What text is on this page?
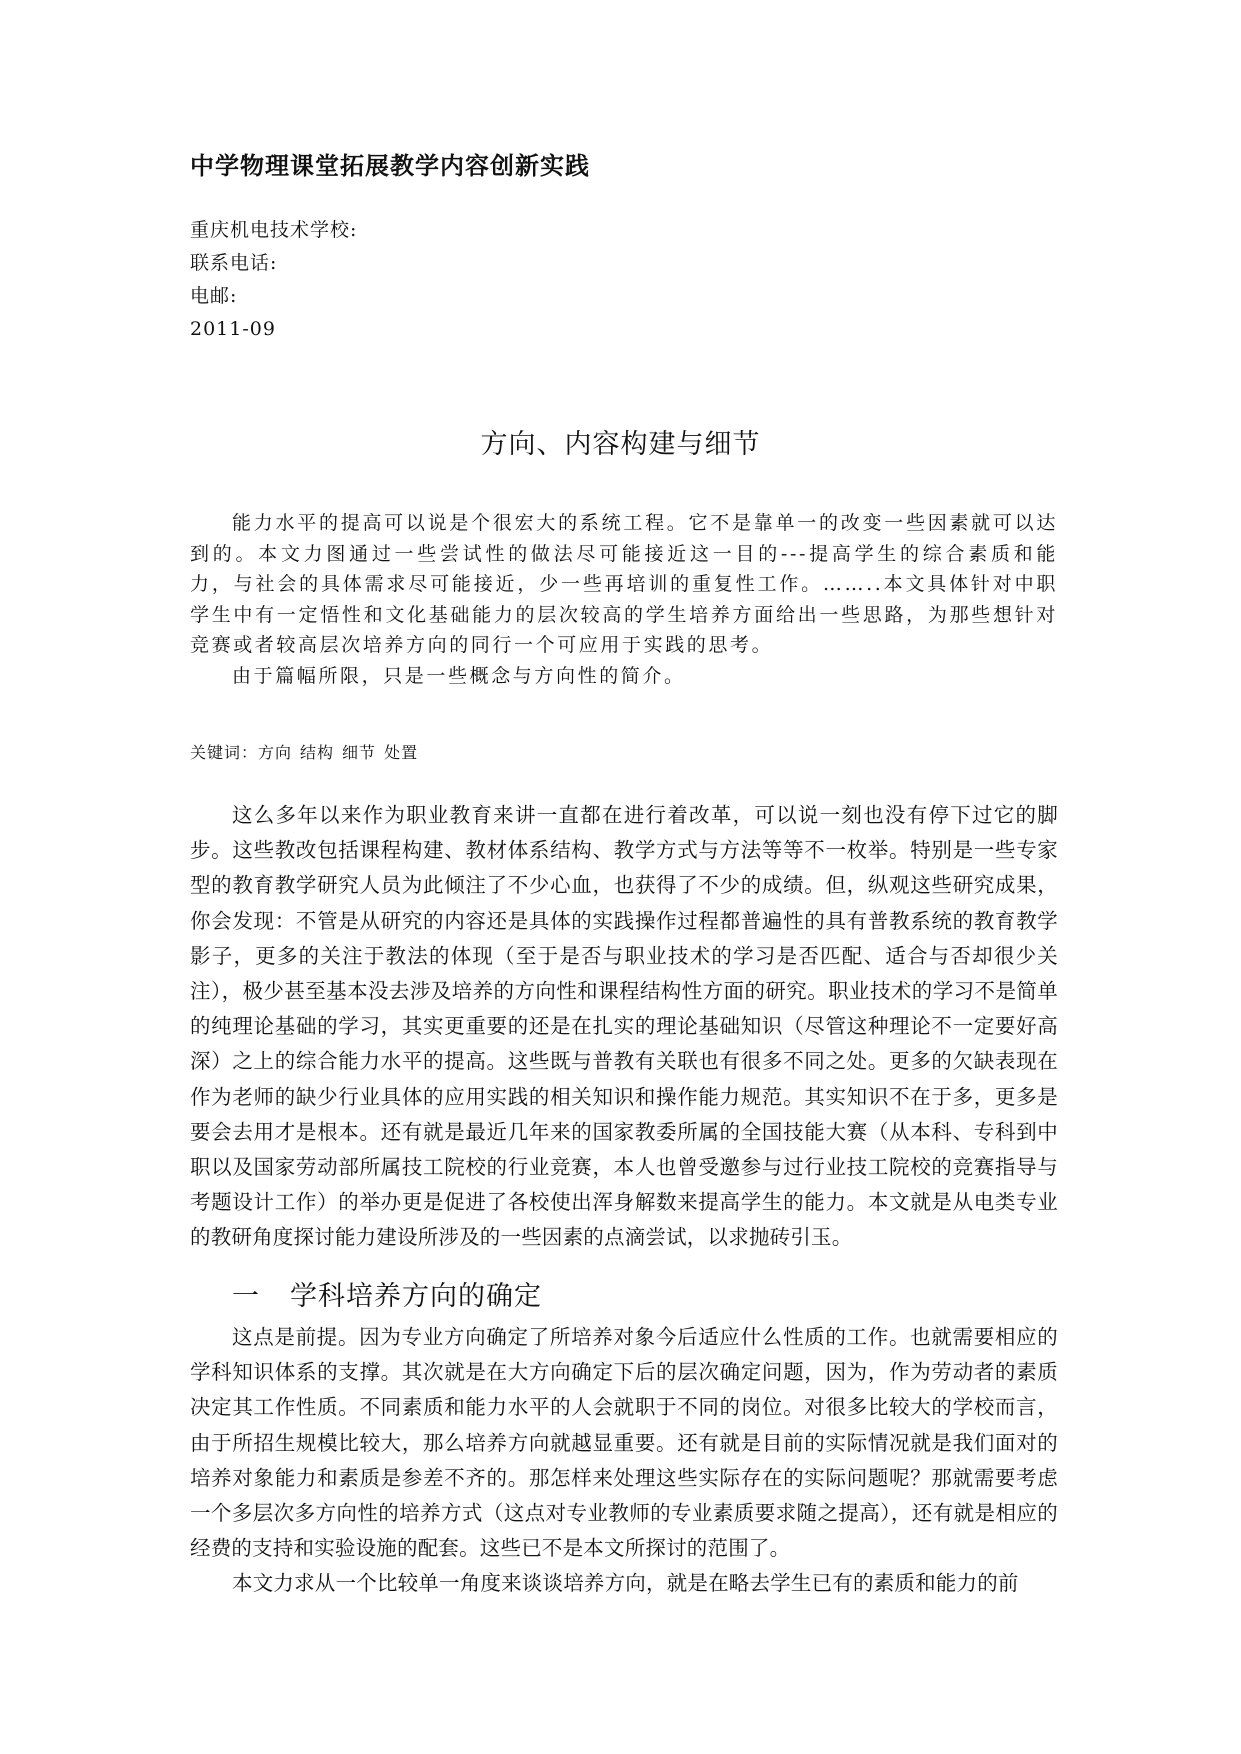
中学物理课堂拓展教学内容创新实践
重庆机电技术学校:
联系电话:
电邮:
2011-09
方向、内容构建与细节

能力水平的提高可以说是个很宏大的系统工程。它不是靠单一的改变一些因素就可以达到的。本文力图通过一些尝试性的做法尽可能接近这一目的---提高学生的综合素质和能力，与社会的具体需求尽可能接近，少一些再培训的重复性工作。……..本文具体针对中职学生中有一定悟性和文化基础能力的层次较高的学生培养方面给出一些思路，为那些想针对竞赛或者较高层次培养方向的同行一个可应用于实践的思考。

由于篇幅所限，只是一些概念与方向性的简介。

关键词：方向 结构 细节 处置

这么多年以来作为职业教育来讲一直都在进行着改革，可以说一刻也没有停下过它的脚步。这些教改包括课程构建、教材体系结构、教学方式与方法等等不一枚举。特别是一些专家型的教育教学研究人员为此倾注了不少心血，也获得了不少的成绩。但，纵观这些研究成果，你会发现：不管是从研究的内容还是具体的实践操作过程都普遍性的具有普教系统的教育教学影子，更多的关注于教法的体现（至于是否与职业技术的学习是否匹配、适合与否却很少关注），极少甚至基本没去涉及培养的方向性和课程结构性方面的研究。职业技术的学习不是简单的纯理论基础的学习，其实更重要的还是在扎实的理论基础知识（尽管这种理论不一定要好高深）之上的综合能力水平的提高。这些既与普教有关联也有很多不同之处。更多的欠缺表现在作为老师的缺少行业具体的应用实践的相关知识和操作能力规范。其实知识不在于多，更多是要会去用才是根本。还有就是最近几年来的国家教委所属的全国技能大赛（从本科、专科到中职以及国家劳动部所属技工院校的行业竞赛，本人也曾受邀参与过行业技工院校的竞赛指导与考题设计工作）的举办更是促进了各校使出浑身解数来提高学生的能力。本文就是从电类专业的教研角度探讨能力建设所涉及的一些因素的点滴尝试，以求抛砖引玉。

一 学科培养方向的确定

这点是前提。因为专业方向确定了所培养对象今后适应什么性质的工作。也就需要相应的学科知识体系的支撑。其次就是在大方向确定下后的层次确定问题，因为，作为劳动者的素质决定其工作性质。不同素质和能力水平的人会就职于不同的岗位。对很多比较大的学校而言，由于所招生规模比较大，那么培养方向就越显重要。还有就是目前的实际情况就是我们面对的培养对象能力和素质是参差不齐的。那怎样来处理这些实际存在的实际问题呢？那就需要考虑一个多层次多方向性的培养方式（这点对专业教师的专业素质要求随之提高），还有就是相应的经费的支持和实验设施的配套。这些已不是本文所探讨的范围了。

本文力求从一个比较单一角度来谈谈培养方向，就是在略去学生已有的素质和能力的前
